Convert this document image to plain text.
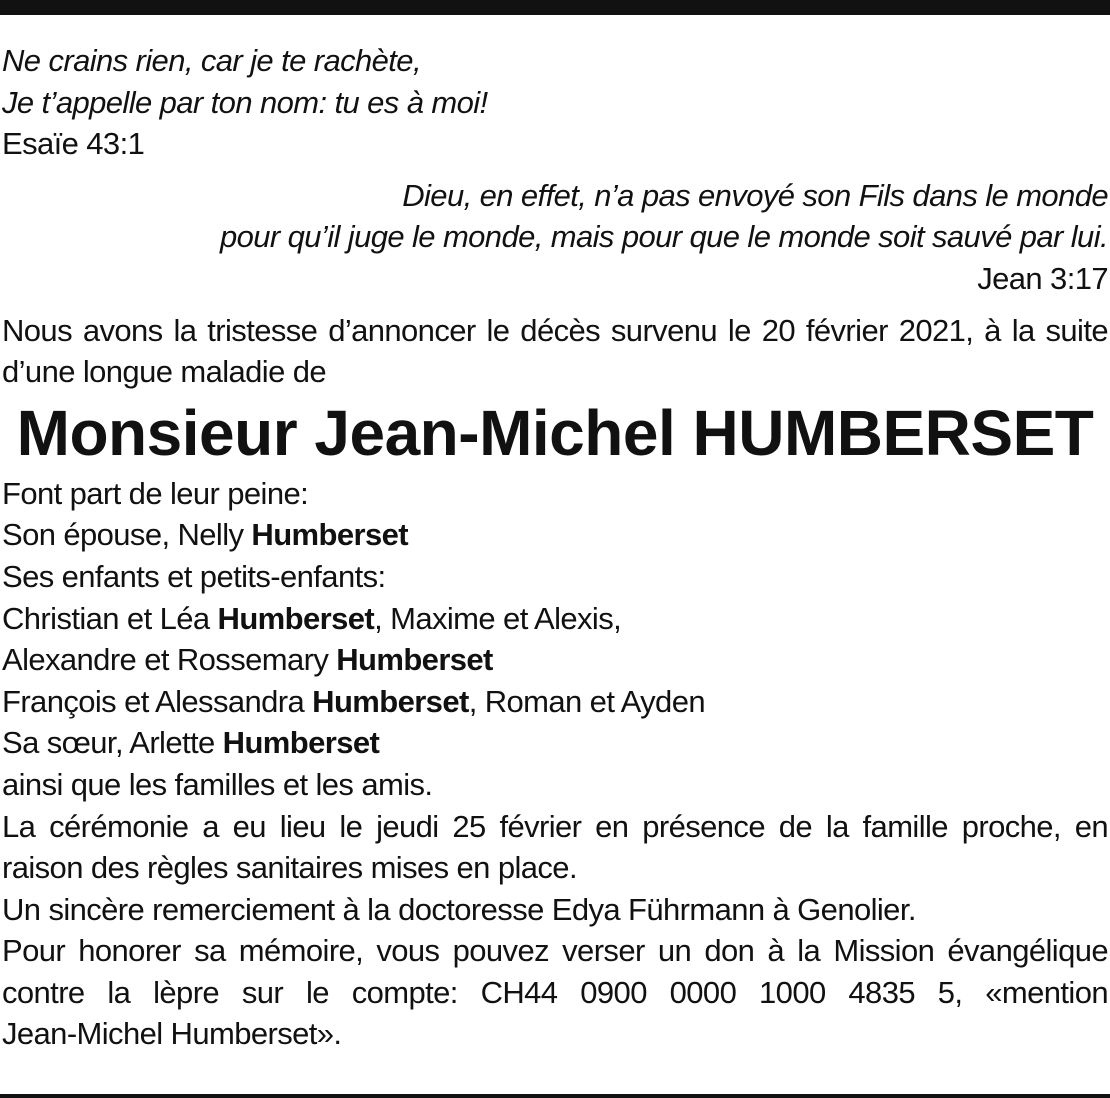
Ne crains rien, car je te rachète,

Je t’appelle par ton nom: tu es à moi!

Esaïe 43:1

Dieu, en effet, n’a pas envoyé son Fils dans le monde

pour qu’il juge le monde, mais pour que le monde soit sauvé par lui.

Jean 3:17

Nous avons la tristesse d’annoncer le décès survenu le 20 février 2021, à la suite d’une longue maladie de

Monsieur Jean-Michel HUMBERSET

Font part de leur peine:

Son épouse, Nelly Humberset

Ses enfants et petits-enfants:

Christian et Léa Humberset, Maxime et Alexis,

Alexandre et Rossemary Humberset

François et Alessandra Humberset, Roman et Ayden

Sa sœur, Arlette Humberset

ainsi que les familles et les amis.

La cérémonie a eu lieu le jeudi 25 février en présence de la famille proche, en raison des règles sanitaires mises en place.

Un sincère remerciement à la doctoresse Edya Führmann à Genolier.

Pour honorer sa mémoire, vous pouvez verser un don à la Mission évangélique

contre la lèpre sur le compte: CH44 0900 0000 1000 4835 5, «mention

Jean-Michel Humberset».
